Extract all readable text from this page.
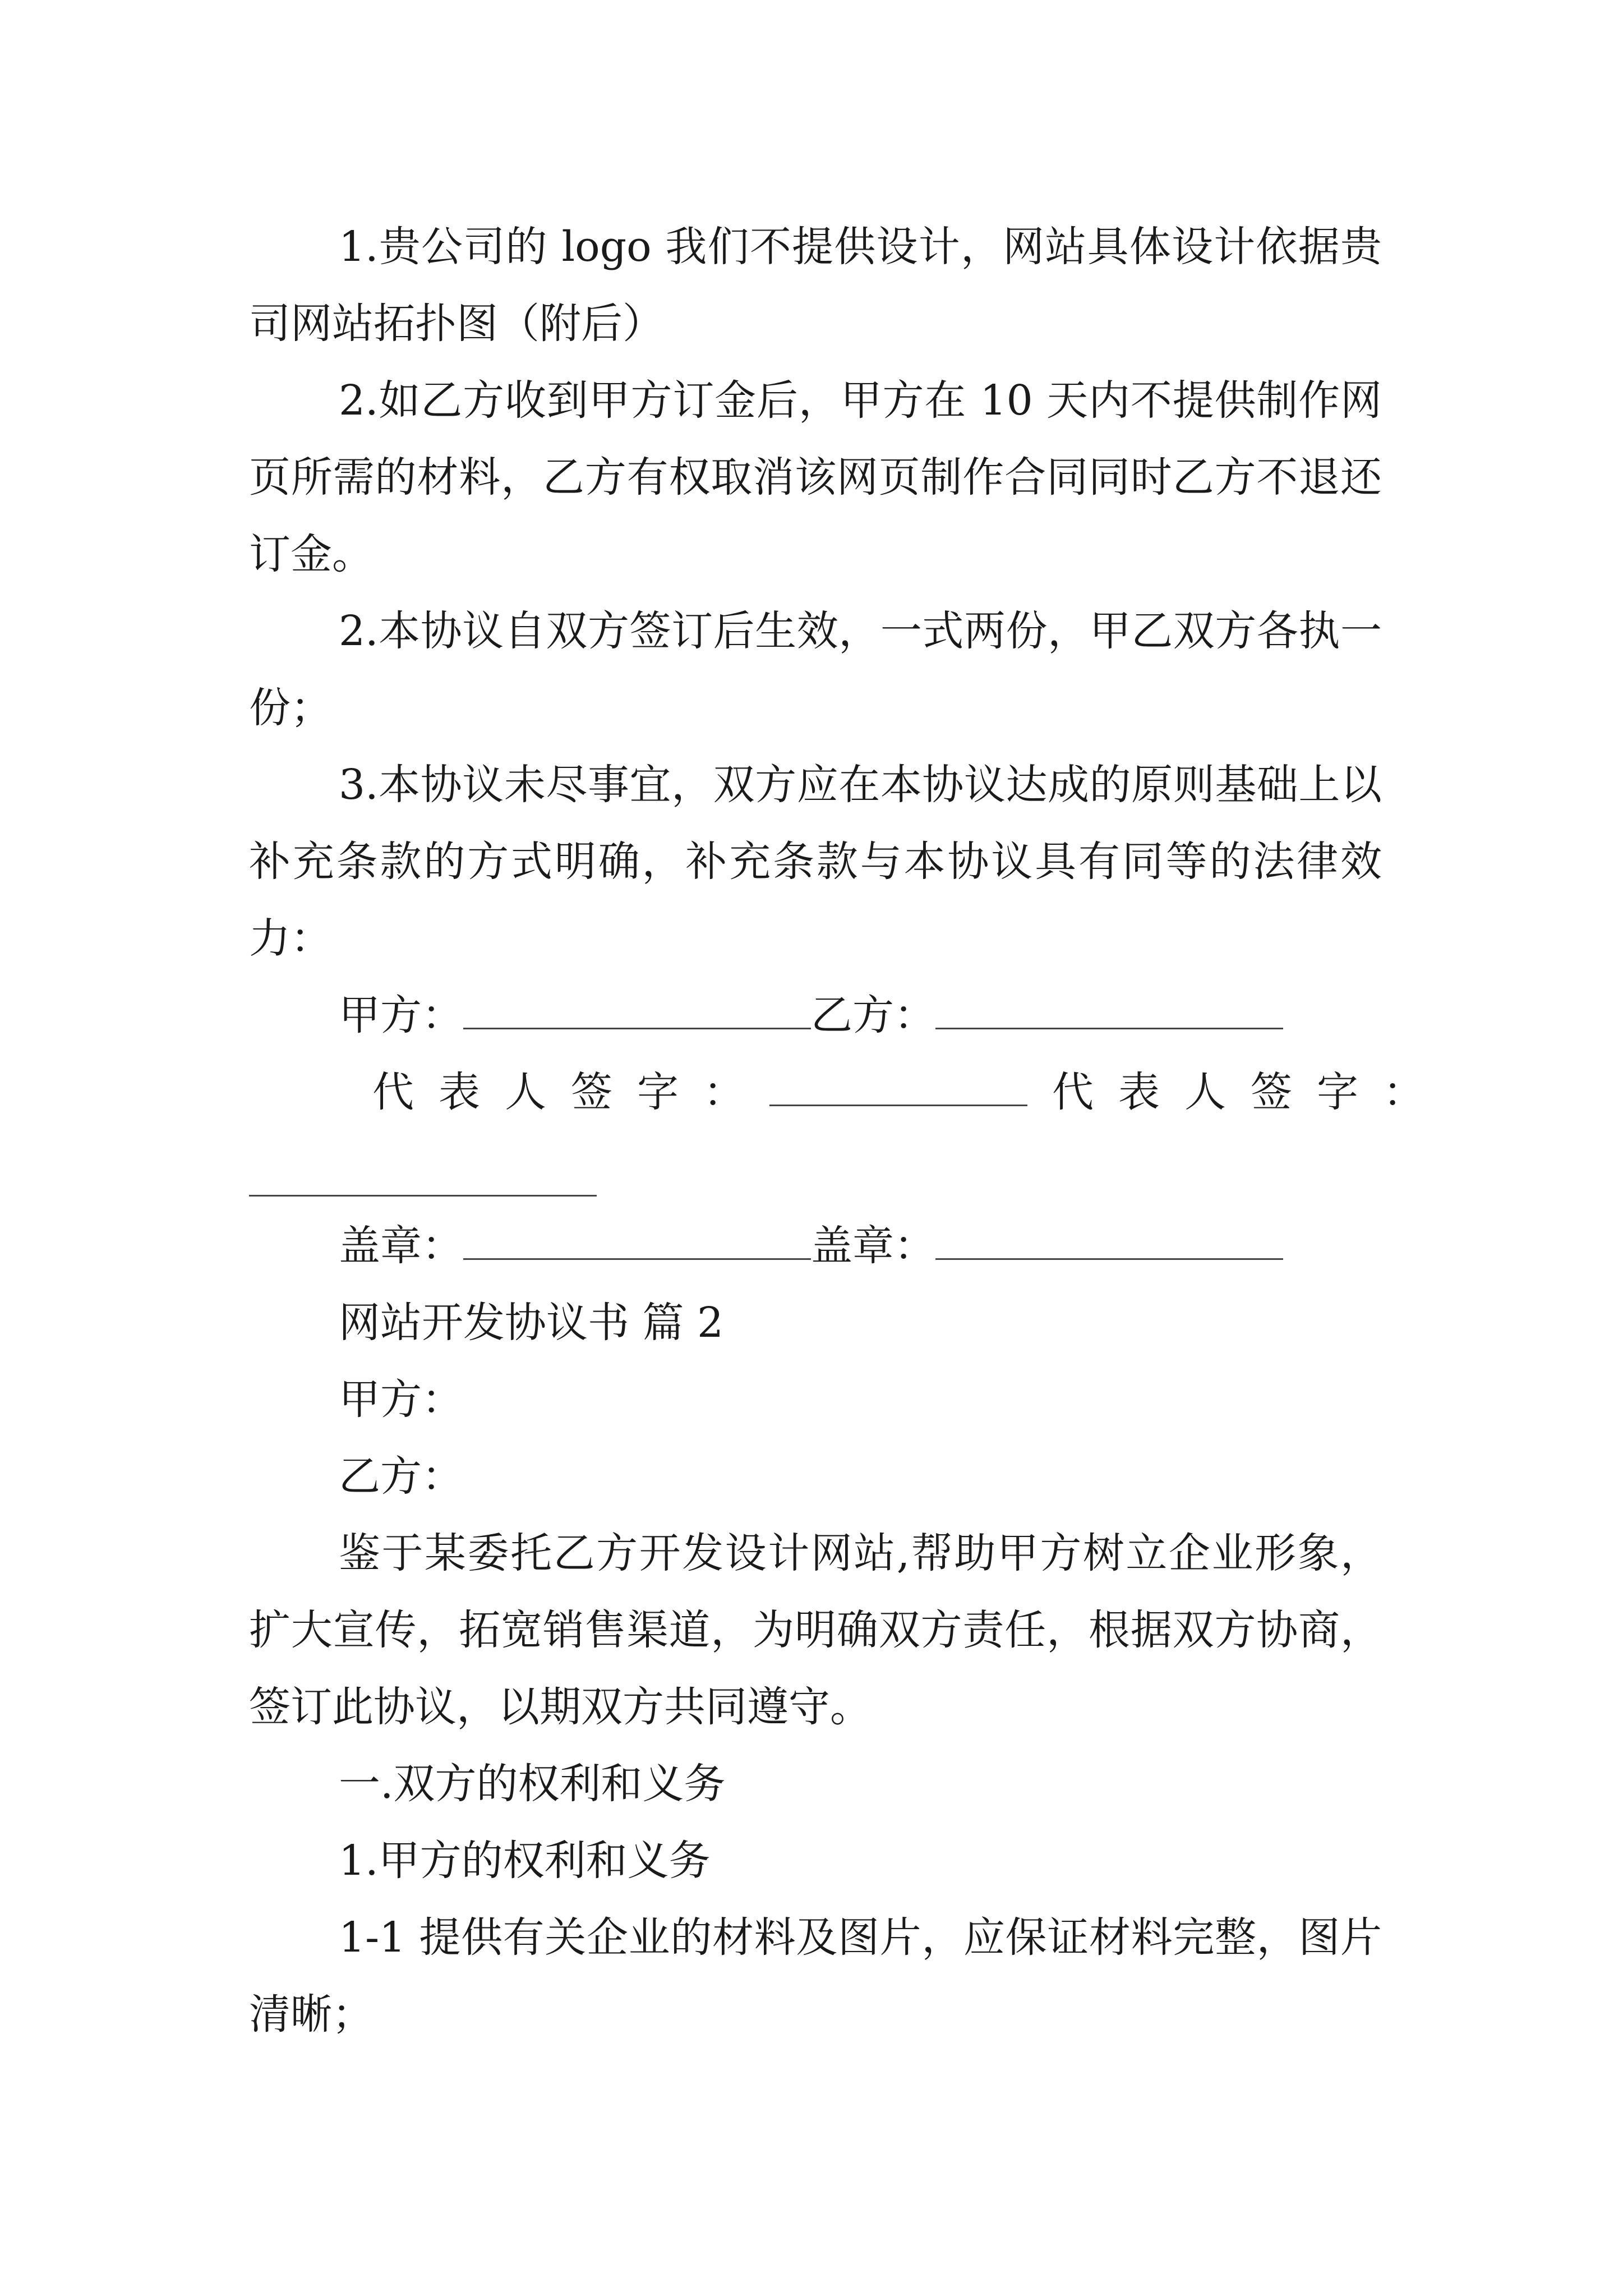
1.贵公司的 logo 我们不提供设计，网站具体设计依据贵司网站拓扑图（附后）

2.如乙方收到甲方订金后，甲方在 10 天内不提供制作网页所需的材料，乙方有权取消该网页制作合同同时乙方不退还订金。

2.本协议自双方签订后生效，一式两份，甲乙双方各执一份；

3.本协议未尽事宜，双方应在本协议达成的原则基础上以补充条款的方式明确，补充条款与本协议具有同等的法律效力：

甲方：	乙方：

代表人签字：	代表人签字：

盖章：	盖章：

网站开发协议书 篇 2

甲方：

乙方：

鉴于某委托乙方开发设计网站,帮助甲方树立企业形象，扩大宣传，拓宽销售渠道，为明确双方责任，根据双方协商，签订此协议，以期双方共同遵守。

一.双方的权利和义务

1.甲方的权利和义务

1-1 提供有关企业的材料及图片，应保证材料完整，图片清晰；
